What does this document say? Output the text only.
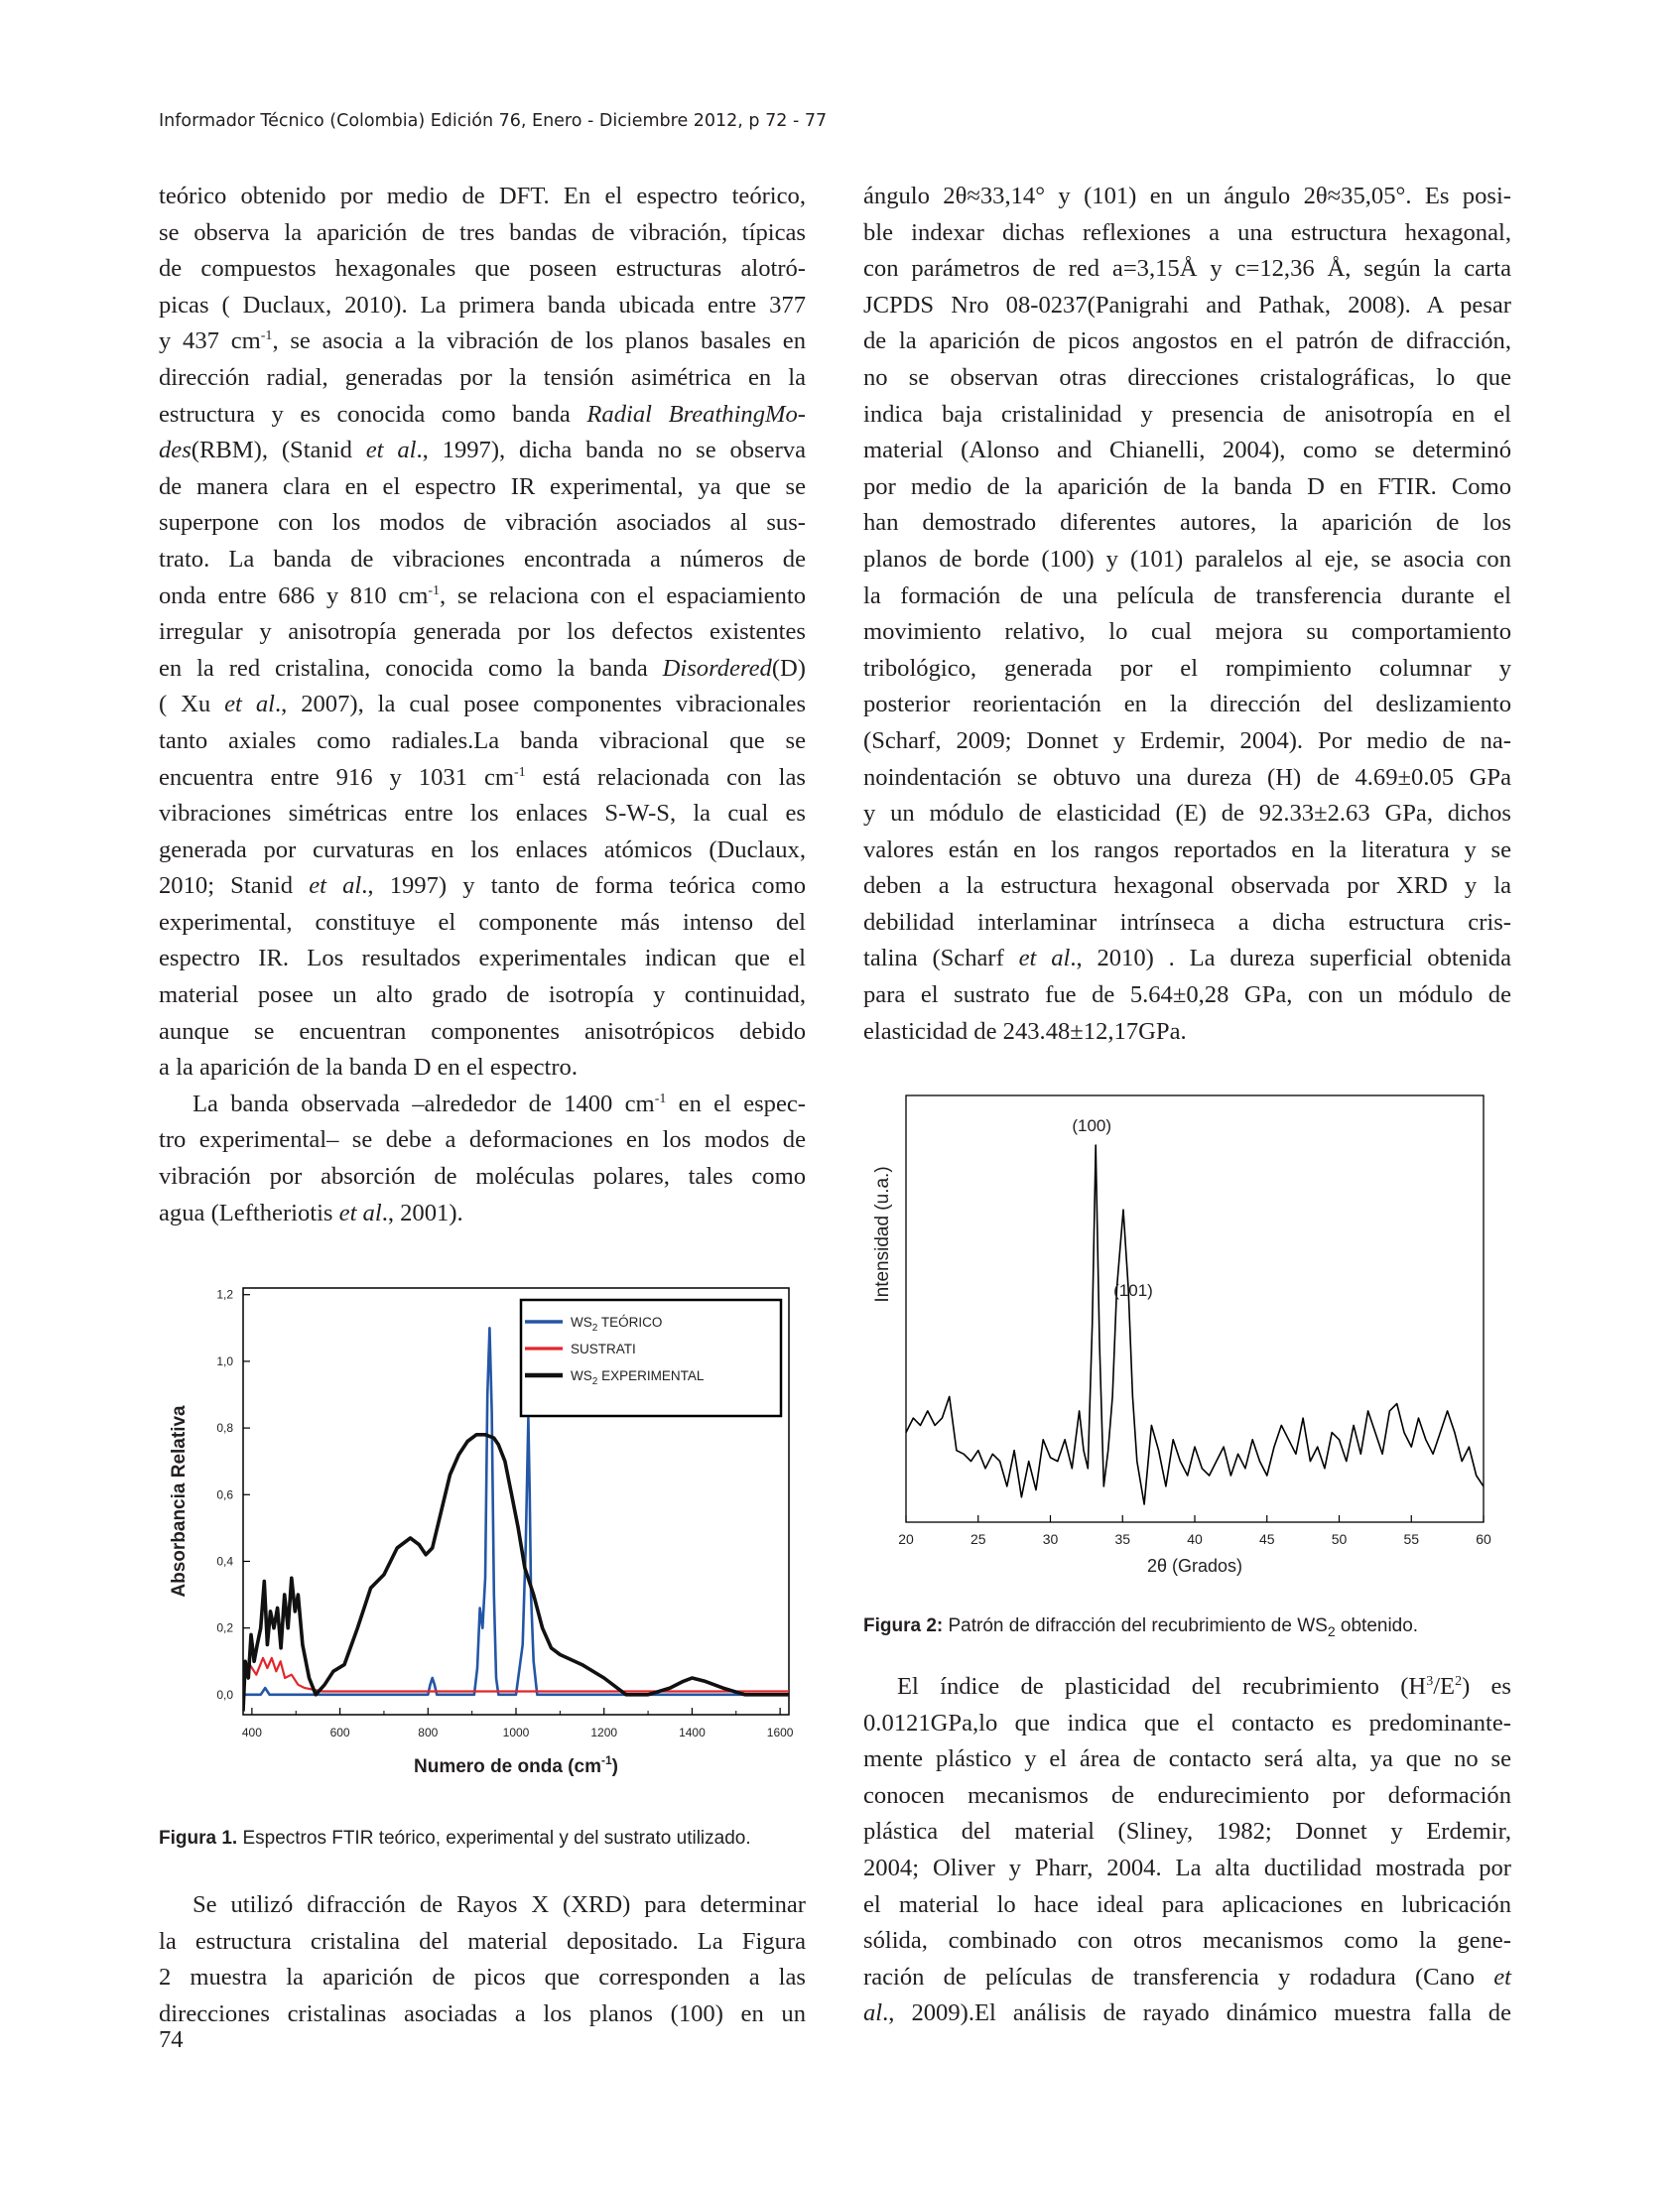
Informador Técnico (Colombia) Edición 76, Enero - Diciembre 2012, p 72 - 77

teórico obtenido por medio de DFT. En el espectro teórico,
se observa la aparición de tres bandas de vibración, típicas
de compuestos hexagonales que poseen estructuras alotró-
picas ( Duclaux, 2010). La primera banda ubicada entre 377
y 437 $cm^{-1}$, se asocia a la vibración de los planos basales en
dirección radial, generadas por la tensión asimétrica en la
estructura y es conocida como banda Radial BreathingMo-
des(RBM), (Stanid et al., 1997), dicha banda no se observa
de manera clara en el espectro IR experimental, ya que se
superpone con los modos de vibración asociados al sus-
trato. La banda de vibraciones encontrada a números de
onda entre 686 y 810 $cm^{-1}$, se relaciona con el espaciamiento
irregular y anisotropía generada por los defectos existentes
en la red cristalina, conocida como la banda Disordered(D)
( Xu et al., 2007), la cual posee componentes vibracionales
tanto axiales como radiales.La banda vibracional que se
encuentra entre 916 y 1031 $cm^{-1}$ está relacionada con las
vibraciones simétricas entre los enlaces S-W-S, la cual es
generada por curvaturas en los enlaces atómicos (Duclaux,
2010; Stanid et al., 1997) y tanto de forma teórica como
experimental, constituye el componente más intenso del
espectro IR. Los resultados experimentales indican que el
material posee un alto grado de isotropía y continuidad,
aunque se encuentran componentes anisotrópicos debido
a la aparición de la banda D en el espectro.

La banda observada –alrededor de 1400 $cm^{-1}$ en el espec-
tro experimental– se debe a deformaciones en los modos de
vibración por absorción de moléculas polares, tales como
agua (Leftheriotis et al., 2001).

0,0
0,2
0,4
0,6
0,8
1,0
1,2
400	600	800	1000	1200	1400	1600
$WS_2$ TEÓRICO
SUSTRATI
$WS_2$ EXPERIMENTAL
Absorbancia Relativa
Numero de onda $(cm^{-1})$
Figura 1. Espectros FTIR teórico, experimental y del sustrato utilizado.

Se utilizó difracción de Rayos X (XRD) para determinar
la estructura cristalina del material depositado. La Figura
2 muestra la aparición de picos que corresponden a las
direcciones cristalinas asociadas a los planos (100) en un

ángulo 2θ≈33,14° y (101) en un ángulo 2θ≈35,05°. Es posi-
ble indexar dichas reflexiones a una estructura hexagonal,
con parámetros de red a=3,15Å y c=12,36 Å, según la carta
JCPDS Nro 08-0237(Panigrahi and Pathak, 2008). A pesar
de la aparición de picos angostos en el patrón de difracción,
no se observan otras direcciones cristalográficas, lo que
indica baja cristalinidad y presencia de anisotropía en el
material (Alonso and Chianelli, 2004), como se determinó
por medio de la aparición de la banda D en FTIR. Como
han demostrado diferentes autores, la aparición de los
planos de borde (100) y (101) paralelos al eje, se asocia con
la formación de una película de transferencia durante el
movimiento relativo, lo cual mejora su comportamiento
tribológico, generada por el rompimiento columnar y
posterior reorientación en la dirección del deslizamiento
(Scharf, 2009; Donnet y Erdemir, 2004). Por medio de na-
noindentación se obtuvo una dureza (H) de 4.69±0.05 GPa
y un módulo de elasticidad (E) de 92.33±2.63 GPa, dichos
valores están en los rangos reportados en la literatura y se
deben a la estructura hexagonal observada por XRD y la
debilidad interlaminar intrínseca a dicha estructura cris-
talina (Scharf et al., 2010) . La dureza superficial obtenida
para el sustrato fue de 5.64±0,28 GPa, con un módulo de
elasticidad de 243.48±12,17GPa.

20	25	30	35	40	45	50	55	60
(100)
(101)
Intensidad (u.a.)
2θ (Grados)
Figura 2: Patrón de difracción del recubrimiento de $WS_2$ obtenido.

El índice de plasticidad del recubrimiento $(H^3/E^2)$ es
0.0121GPa,lo que indica que el contacto es predominante-
mente plástico y el área de contacto será alta, ya que no se
conocen mecanismos de endurecimiento por deformación
plástica del material (Sliney, 1982; Donnet y Erdemir,
2004; Oliver y Pharr, 2004. La alta ductilidad mostrada por
el material lo hace ideal para aplicaciones en lubricación
sólida, combinado con otros mecanismos como la gene-
ración de películas de transferencia y rodadura (Cano et
al., 2009).El análisis de rayado dinámico muestra falla de

74
